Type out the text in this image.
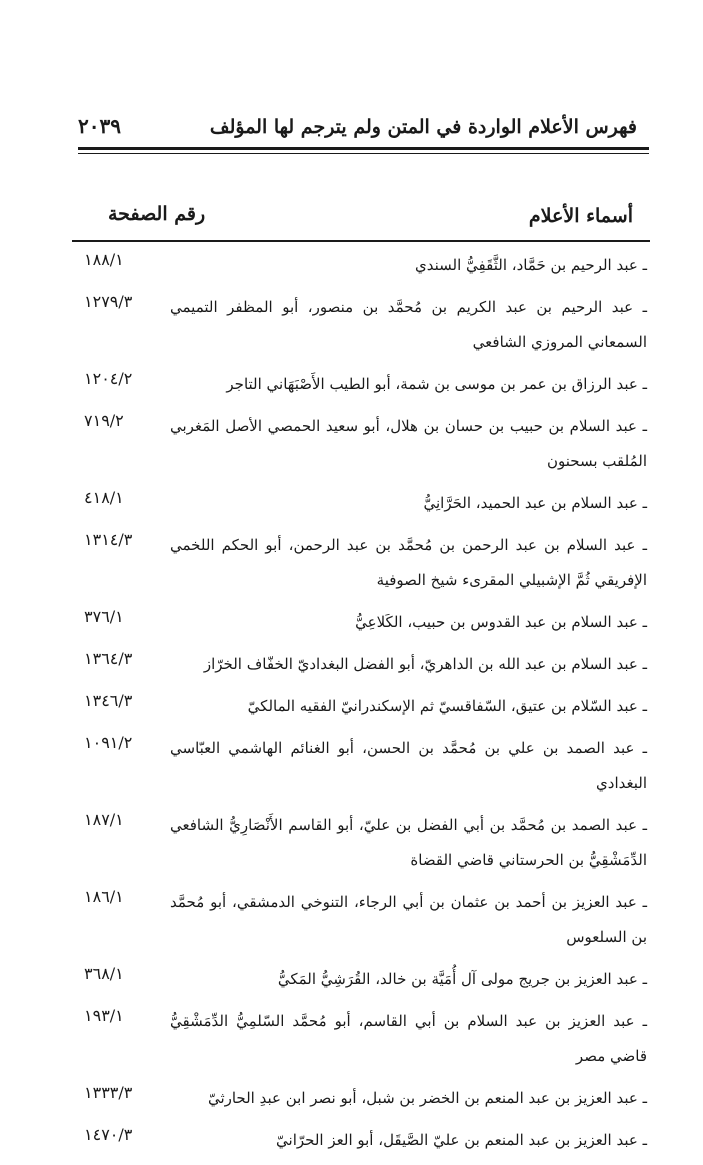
فهرس الأعلام الواردة في المتن ولم يترجم لها المؤلف
٢٠٣٩
أسماء الأعلام
رقم الصفحة
١٨٨/١	ـ عبد الرحيم بن حَمَّاد، الثَّقَفِيُّ السندي
١٢٧٩/٣	ـ عبد الرحيم بن عبد الكريم بن مُحمَّد بن منصور، أبو المظفر التميمي السمعاني المروزي الشافعي
١٢٠٤/٢	ـ عبد الرزاق بن عمر بن موسى بن شمة، أبو الطيب الأَصْبَهَاني التاجر
٧١٩/٢	ـ عبد السلام بن حبيب بن حسان بن هلال، أبو سعيد الحمصي الأصل المَغربي المُلقب بسحنون
٤١٨/١	ـ عبد السلام بن عبد الحميد، الحَرَّانِيُّ
١٣١٤/٣	ـ عبد السلام بن عبد الرحمن بن مُحمَّد بن عبد الرحمن، أبو الحكم اللخمي الإفريقي ثُمَّ الإشبيلي المقرىء شيخ الصوفية
٣٧٦/١	ـ عبد السلام بن عبد القدوس بن حبيب، الكَلاعِيُّ
١٣٦٤/٣	ـ عبد السلام بن عبد الله بن الداهريّ، أبو الفضل البغداديّ الخفّاف الخرّاز
١٣٤٦/٣	ـ عبد السّلام بن عتيق، السّفاقسيّ ثم الإسكندرانيّ الفقيه المالكيّ
١٠٩١/٢	ـ عبد الصمد بن علي بن مُحمَّد بن الحسن، أبو الغنائم الهاشمي العبّاسي البغدادي
١٨٧/١	ـ عبد الصمد بن مُحمَّد بن أبي الفضل بن عليّ، أبو القاسم الأَنْصَارِيُّ الشافعي الدِّمَشْقِيُّ بن الحرستاني قاضي القضاة
١٨٦/١	ـ عبد العزيز بن أحمد بن عثمان بن أبي الرجاء، التنوخي الدمشقي، أبو مُحمَّد بن السلعوس
٣٦٨/١	ـ عبد العزيز بن جريج مولى آل أُمَيَّة بن خالد، القُرَشِيُّ المَكيُّ
١٩٣/١	ـ عبد العزيز بن عبد السلام بن أبي القاسم، أبو مُحمَّد السّلمِيُّ الدِّمَشْقِيُّ قاضي مصر
١٣٣٣/٣	ـ عبد العزيز بن عبد المنعم بن الخضر بن شبل، أبو نصر ابن عبدِ الحارثيّ
١٤٧٠/٣	ـ عبد العزيز بن عبد المنعم بن عليّ الصَّيقَل، أبو العز الحرّانيّ
